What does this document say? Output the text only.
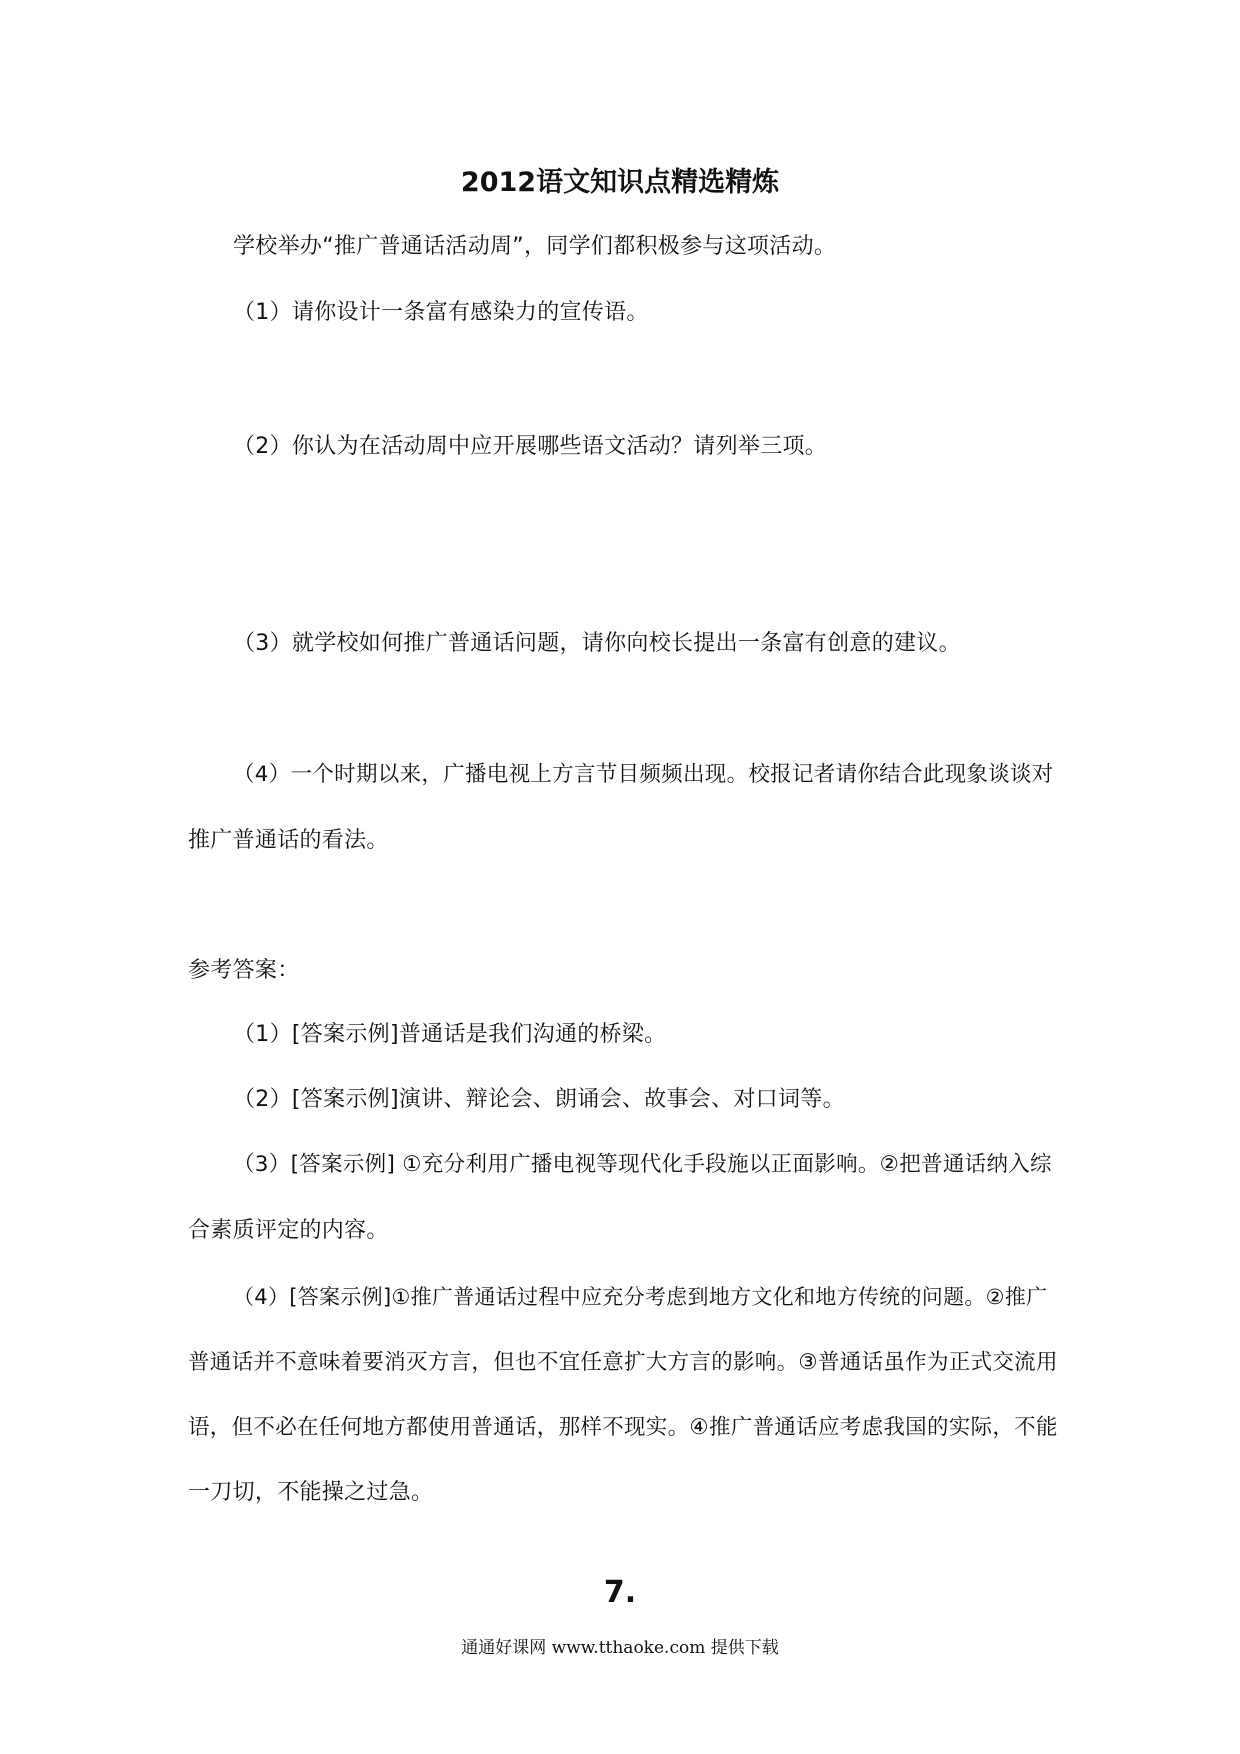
2012语文知识点精选精炼
学校举办“推广普通话活动周”，同学们都积极参与这项活动。
（1）请你设计一条富有感染力的宣传语。
（2）你认为在活动周中应开展哪些语文活动？请列举三项。
（3）就学校如何推广普通话问题，请你向校长提出一条富有创意的建议。
（4）一个时期以来，广播电视上方言节目频频出现。校报记者请你结合此现象谈谈对
推广普通话的看法。
参考答案：
（1）[答案示例]普通话是我们沟通的桥梁。
（2）[答案示例]演讲、辩论会、朗诵会、故事会、对口词等。
（3）[答案示例] ①充分利用广播电视等现代化手段施以正面影响。②把普通话纳入综
合素质评定的内容。
（4）[答案示例]①推广普通话过程中应充分考虑到地方文化和地方传统的问题。②推广
普通话并不意味着要消灭方言，但也不宜任意扩大方言的影响。③普通话虽作为正式交流用
语，但不必在任何地方都使用普通话，那样不现实。④推广普通话应考虑我国的实际，不能
一刀切，不能操之过急。
7.
通通好课网 www.tthaoke.com 提供下载
